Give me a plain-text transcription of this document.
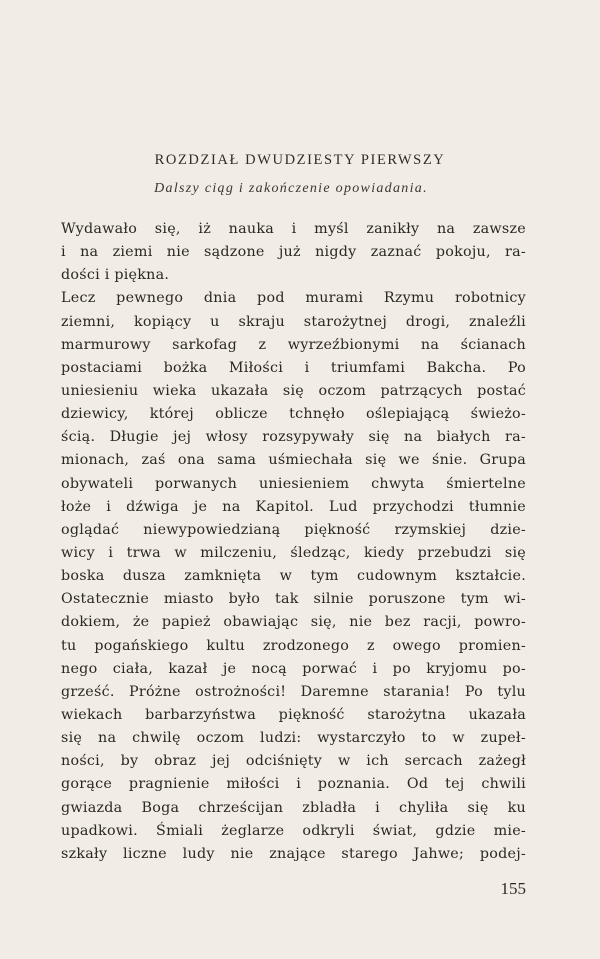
ROZDZIAŁ DWUDZIESTY PIERWSZY
Dalszy ciąg i zakończenie opowiadania.
Wydawało się, iż nauka i myśl zanikły na zawsze
i na ziemi nie sądzone już nigdy zaznać pokoju, ra-
dości i piękna.
Lecz pewnego dnia pod murami Rzymu robotnicy
ziemni, kopiący u skraju starożytnej drogi, znaleźli
marmurowy sarkofag z wyrzeźbionymi na ścianach
postaciami bożka Miłości i triumfami Bakcha. Po
uniesieniu wieka ukazała się oczom patrzących postać
dziewicy, której oblicze tchnęło oślepiającą świeżo-
ścią. Długie jej włosy rozsypywały się na białych ra-
mionach, zaś ona sama uśmiechała się we śnie. Grupa
obywateli porwanych uniesieniem chwyta śmiertelne
łoże i dźwiga je na Kapitol. Lud przychodzi tłumnie
oglądać niewypowiedzianą piękność rzymskiej dzie-
wicy i trwa w milczeniu, śledząc, kiedy przebudzi się
boska dusza zamknięta w tym cudownym kształcie.
Ostatecznie miasto było tak silnie poruszone tym wi-
dokiem, że papież obawiając się, nie bez racji, powro-
tu pogańskiego kultu zrodzonego z owego promien-
nego ciała, kazał je nocą porwać i po kryjomu po-
grześć. Próżne ostrożności! Daremne starania! Po tylu
wiekach barbarzyństwa piękność starożytna ukazała
się na chwilę oczom ludzi: wystarczyło to w zupeł-
ności, by obraz jej odciśnięty w ich sercach zażegł
gorące pragnienie miłości i poznania. Od tej chwili
gwiazda Boga chrześcijan zbladła i chyliła się ku
upadkowi. Śmiali żeglarze odkryli świat, gdzie mie-
szkały liczne ludy nie znające starego Jahwe; podej-
155
